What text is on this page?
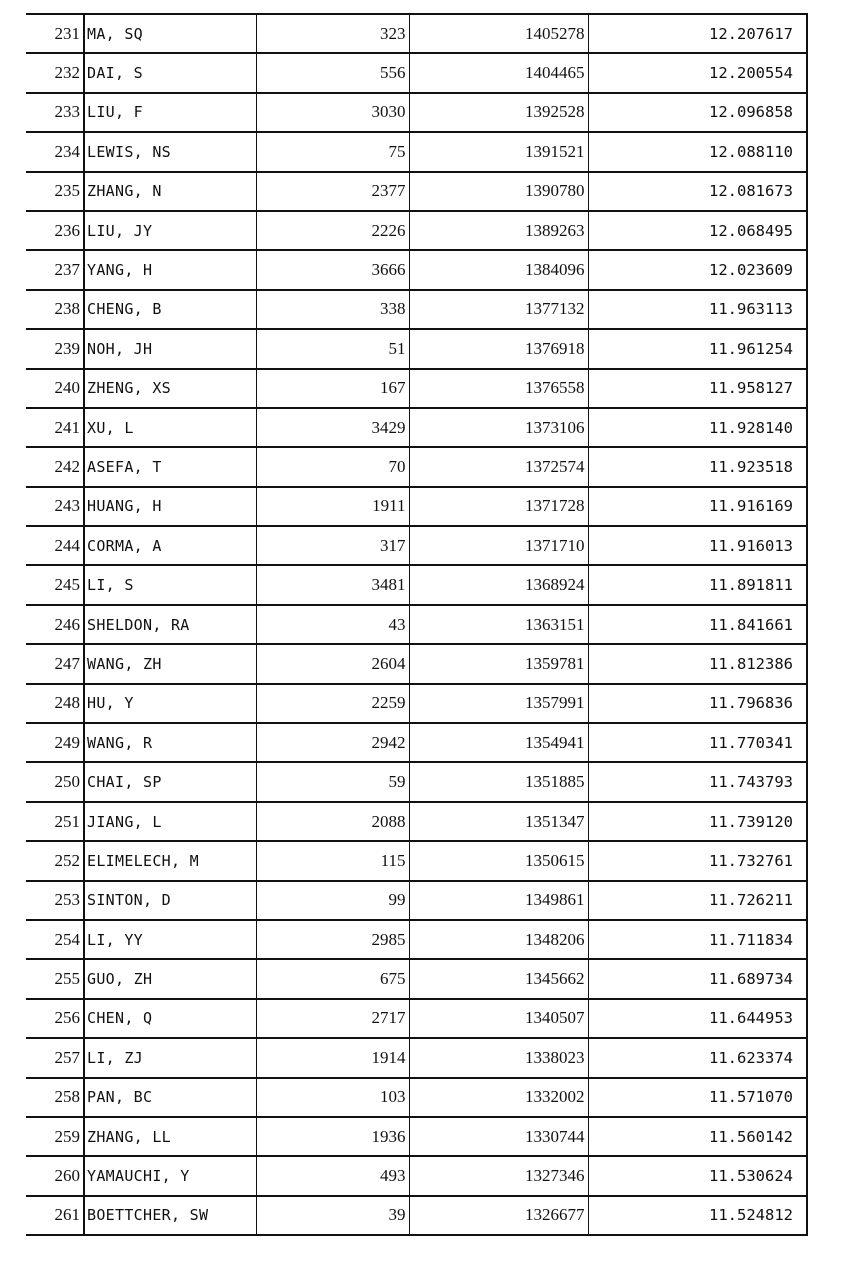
231	MA, SQ	323	1405278	12.207617
232	DAI, S	556	1404465	12.200554
233	LIU, F	3030	1392528	12.096858
234	LEWIS, NS	75	1391521	12.088110
235	ZHANG, N	2377	1390780	12.081673
236	LIU, JY	2226	1389263	12.068495
237	YANG, H	3666	1384096	12.023609
238	CHENG, B	338	1377132	11.963113
239	NOH, JH	51	1376918	11.961254
240	ZHENG, XS	167	1376558	11.958127
241	XU, L	3429	1373106	11.928140
242	ASEFA, T	70	1372574	11.923518
243	HUANG, H	1911	1371728	11.916169
244	CORMA, A	317	1371710	11.916013
245	LI, S	3481	1368924	11.891811
246	SHELDON, RA	43	1363151	11.841661
247	WANG, ZH	2604	1359781	11.812386
248	HU, Y	2259	1357991	11.796836
249	WANG, R	2942	1354941	11.770341
250	CHAI, SP	59	1351885	11.743793
251	JIANG, L	2088	1351347	11.739120
252	ELIMELECH, M	115	1350615	11.732761
253	SINTON, D	99	1349861	11.726211
254	LI, YY	2985	1348206	11.711834
255	GUO, ZH	675	1345662	11.689734
256	CHEN, Q	2717	1340507	11.644953
257	LI, ZJ	1914	1338023	11.623374
258	PAN, BC	103	1332002	11.571070
259	ZHANG, LL	1936	1330744	11.560142
260	YAMAUCHI, Y	493	1327346	11.530624
261	BOETTCHER, SW	39	1326677	11.524812
